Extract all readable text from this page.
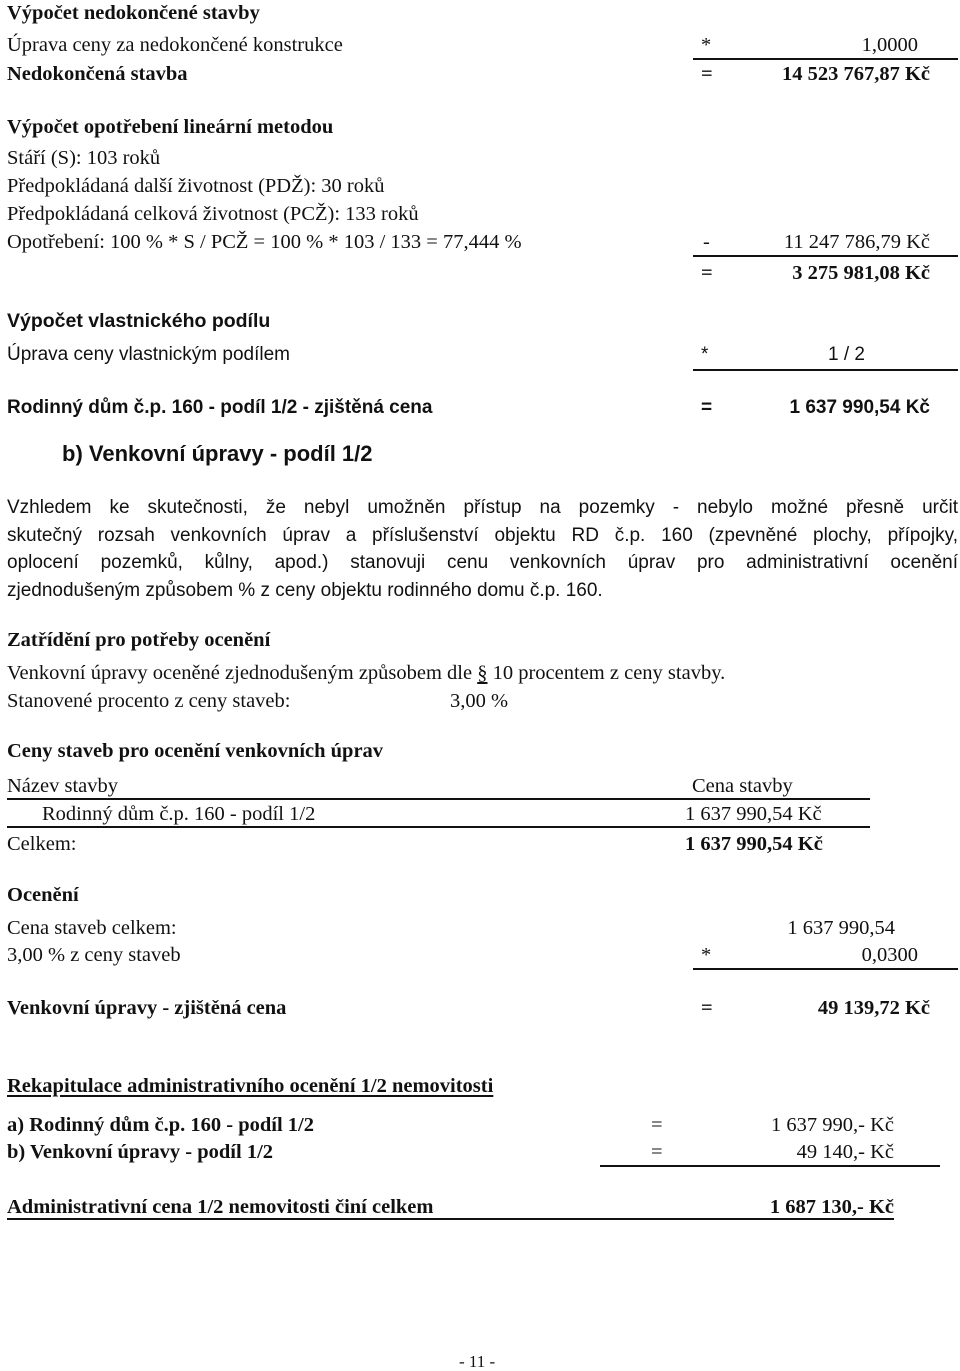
Výpočet nedokončené stavby
Úprava ceny za nedokončené konstrukce	*	1,0000
Nedokončená stavba	=	14 523 767,87 Kč
Výpočet opotřebení lineární metodou
Stáří (S): 103 roků
Předpokládaná další životnost (PDŽ): 30 roků
Předpokládaná celková životnost (PCŽ): 133 roků
Opotřebení: 100 % * S / PCŽ = 100 % * 103 / 133 = 77,444 %	-	11 247 786,79 Kč
=	3 275 981,08 Kč
Výpočet vlastnického podílu
Úprava ceny vlastnickým podílem	*	1 / 2
Rodinný dům č.p. 160 - podíl 1/2 - zjištěná cena	=	1 637 990,54 Kč
b) Venkovní úpravy - podíl 1/2
Vzhledem ke skutečnosti, že nebyl umožněn přístup na pozemky - nebylo možné přesně určit
skutečný rozsah venkovních úprav a příslušenství objektu RD č.p. 160 (zpevněné plochy, přípojky,
oplocení pozemků, kůlny, apod.) stanovuji cenu venkovních úprav pro administrativní ocenění
zjednodušeným způsobem % z ceny objektu rodinného domu č.p. 160.
Zatřídění pro potřeby ocenění
Venkovní úpravy oceněné zjednodušeným způsobem dle § 10 procentem z ceny stavby.
Stanovené procento z ceny staveb:	3,00 %
Ceny staveb pro ocenění venkovních úprav
Název stavby	Cena stavby
Rodinný dům č.p. 160 - podíl 1/2	1 637 990,54 Kč
Celkem:	1 637 990,54 Kč
Ocenění
Cena staveb celkem:	1 637 990,54
3,00 % z ceny staveb	*	0,0300
Venkovní úpravy - zjištěná cena	=	49 139,72 Kč
Rekapitulace administrativního ocenění 1/2 nemovitosti
a) Rodinný dům č.p. 160 - podíl 1/2	=	1 637 990,- Kč
b) Venkovní úpravy - podíl 1/2	=	49 140,- Kč
Administrativní cena 1/2 nemovitosti činí celkem	1 687 130,- Kč
- 11 -
